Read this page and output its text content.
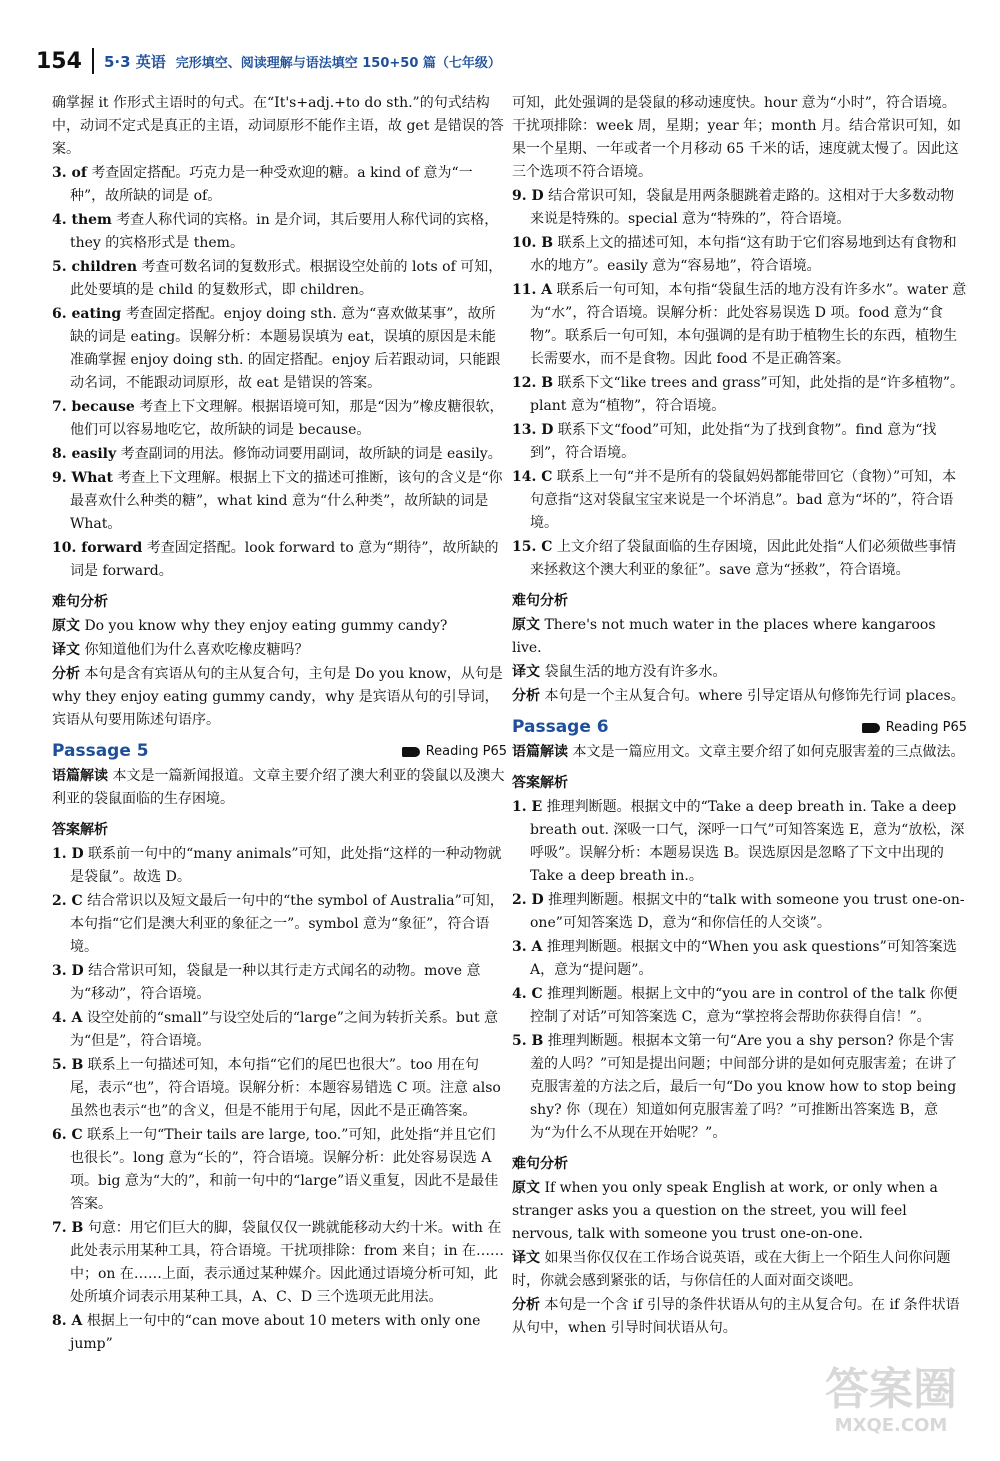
154 5·3 英语 完形填空、阅读理解与语法填空 150+50 篇（七年级）

确掌握 it 作形式主语时的句式。在“It's+adj.+to do sth.”的句式结构中，动词不定式是真正的主语，动词原形不能作主语，故 get 是错误的答案。

3. of 考查固定搭配。巧克力是一种受欢迎的糖。a kind of 意为“一种”，故所缺的词是 of。

4. them 考查人称代词的宾格。in 是介词，其后要用人称代词的宾格，they 的宾格形式是 them。

5. children 考查可数名词的复数形式。根据设空处前的 lots of 可知，此处要填的是 child 的复数形式，即 children。

6. eating 考查固定搭配。enjoy doing sth. 意为“喜欢做某事”，故所缺的词是 eating。误解分析：本题易误填为 eat，误填的原因是未能准确掌握 enjoy doing sth. 的固定搭配。enjoy 后若跟动词，只能跟动名词，不能跟动词原形，故 eat 是错误的答案。

7. because 考查上下文理解。根据语境可知，那是“因为”橡皮糖很软，他们可以容易地吃它，故所缺的词是 because。

8. easily 考查副词的用法。修饰动词要用副词，故所缺的词是 easily。

9. What 考查上下文理解。根据上下文的描述可推断，该句的含义是“你最喜欢什么种类的糖”，what kind 意为“什么种类”，故所缺的词是 What。

10. forward 考查固定搭配。look forward to 意为“期待”，故所缺的词是 forward。

难句分析

原文 Do you know why they enjoy eating gummy candy?

译文 你知道他们为什么喜欢吃橡皮糖吗？

分析 本句是含有宾语从句的主从复合句，主句是 Do you know，从句是 why they enjoy eating gummy candy，why 是宾语从句的引导词，宾语从句要用陈述句语序。

Passage 5	Reading P65

语篇解读 本文是一篇新闻报道。文章主要介绍了澳大利亚的袋鼠以及澳大利亚的袋鼠面临的生存困境。

答案解析

1. D 联系前一句中的“many animals”可知，此处指“这样的一种动物就是袋鼠”。故选 D。

2. C 结合常识以及短文最后一句中的“the symbol of Australia”可知，本句指“它们是澳大利亚的象征之一”。symbol 意为“象征”，符合语境。

3. D 结合常识可知，袋鼠是一种以其行走方式闻名的动物。move 意为“移动”，符合语境。

4. A 设空处前的“small”与设空处后的“large”之间为转折关系。but 意为“但是”，符合语境。

5. B 联系上一句描述可知，本句指“它们的尾巴也很大”。too 用在句尾，表示“也”，符合语境。误解分析：本题容易错选 C 项。注意 also 虽然也表示“也”的含义，但是不能用于句尾，因此不是正确答案。

6. C 联系上一句“Their tails are large, too.”可知，此处指“并且它们也很长”。long 意为“长的”，符合语境。误解分析：此处容易误选 A 项。big 意为“大的”，和前一句中的“large”语义重复，因此不是最佳答案。

7. B 句意：用它们巨大的脚，袋鼠仅仅一跳就能移动大约十米。with 在此处表示用某种工具，符合语境。干扰项排除：from 来自；in 在……中；on 在……上面，表示通过某种媒介。因此通过语境分析可知，此处所填介词表示用某种工具，A、C、D 三个选项无此用法。

8. A 根据上一句中的“can move about 10 meters with only one jump”

可知，此处强调的是袋鼠的移动速度快。hour 意为“小时”，符合语境。干扰项排除：week 周，星期；year 年；month 月。结合常识可知，如果一个星期、一年或者一个月移动 65 千米的话，速度就太慢了。因此这三个选项不符合语境。

9. D 结合常识可知，袋鼠是用两条腿跳着走路的。这相对于大多数动物来说是特殊的。special 意为“特殊的”，符合语境。

10. B 联系上文的描述可知，本句指“这有助于它们容易地到达有食物和水的地方”。easily 意为“容易地”，符合语境。

11. A 联系后一句可知，本句指“袋鼠生活的地方没有许多水”。water 意为“水”，符合语境。误解分析：此处容易误选 D 项。food 意为“食物”。联系后一句可知，本句强调的是有助于植物生长的东西，植物生长需要水，而不是食物。因此 food 不是正确答案。

12. B 联系下文“like trees and grass”可知，此处指的是“许多植物”。plant 意为“植物”，符合语境。

13. D 联系下文“food”可知，此处指“为了找到食物”。find 意为“找到”，符合语境。

14. C 联系上一句“并不是所有的袋鼠妈妈都能带回它（食物）”可知，本句意指“这对袋鼠宝宝来说是一个坏消息”。bad 意为“坏的”，符合语境。

15. C 上文介绍了袋鼠面临的生存困境，因此此处指“人们必须做些事情来拯救这个澳大利亚的象征”。save 意为“拯救”，符合语境。

难句分析

原文 There's not much water in the places where kangaroos live.

译文 袋鼠生活的地方没有许多水。

分析 本句是一个主从复合句。where 引导定语从句修饰先行词 places。

Passage 6	Reading P65

语篇解读 本文是一篇应用文。文章主要介绍了如何克服害羞的三点做法。

答案解析

1. E 推理判断题。根据文中的“Take a deep breath in. Take a deep breath out. 深吸一口气，深呼一口气”可知答案选 E，意为“放松，深呼吸”。误解分析：本题易误选 B。误选原因是忽略了下文中出现的 Take a deep breath in.。

2. D 推理判断题。根据文中的“talk with someone you trust one-on-one”可知答案选 D，意为“和你信任的人交谈”。

3. A 推理判断题。根据文中的“When you ask questions”可知答案选 A，意为“提问题”。

4. C 推理判断题。根据上文中的“you are in control of the talk 你便控制了对话”可知答案选 C，意为“掌控将会帮助你获得自信！”。

5. B 推理判断题。根据本文第一句“Are you a shy person? 你是个害羞的人吗？”可知是提出问题；中间部分讲的是如何克服害羞；在讲了克服害羞的方法之后，最后一句“Do you know how to stop being shy? 你（现在）知道如何克服害羞了吗？”可推断出答案选 B，意为“为什么不从现在开始呢？”。

难句分析

原文 If when you only speak English at work, or only when a stranger asks you a question on the street, you will feel nervous, talk with someone you trust one-on-one.

译文 如果当你仅仅在工作场合说英语，或在大街上一个陌生人问你问题时，你就会感到紧张的话，与你信任的人面对面交谈吧。

分析 本句是一个含 if 引导的条件状语从句的主从复合句。在 if 条件状语从句中，when 引导时间状语从句。

答案圈
MXQE.COM
